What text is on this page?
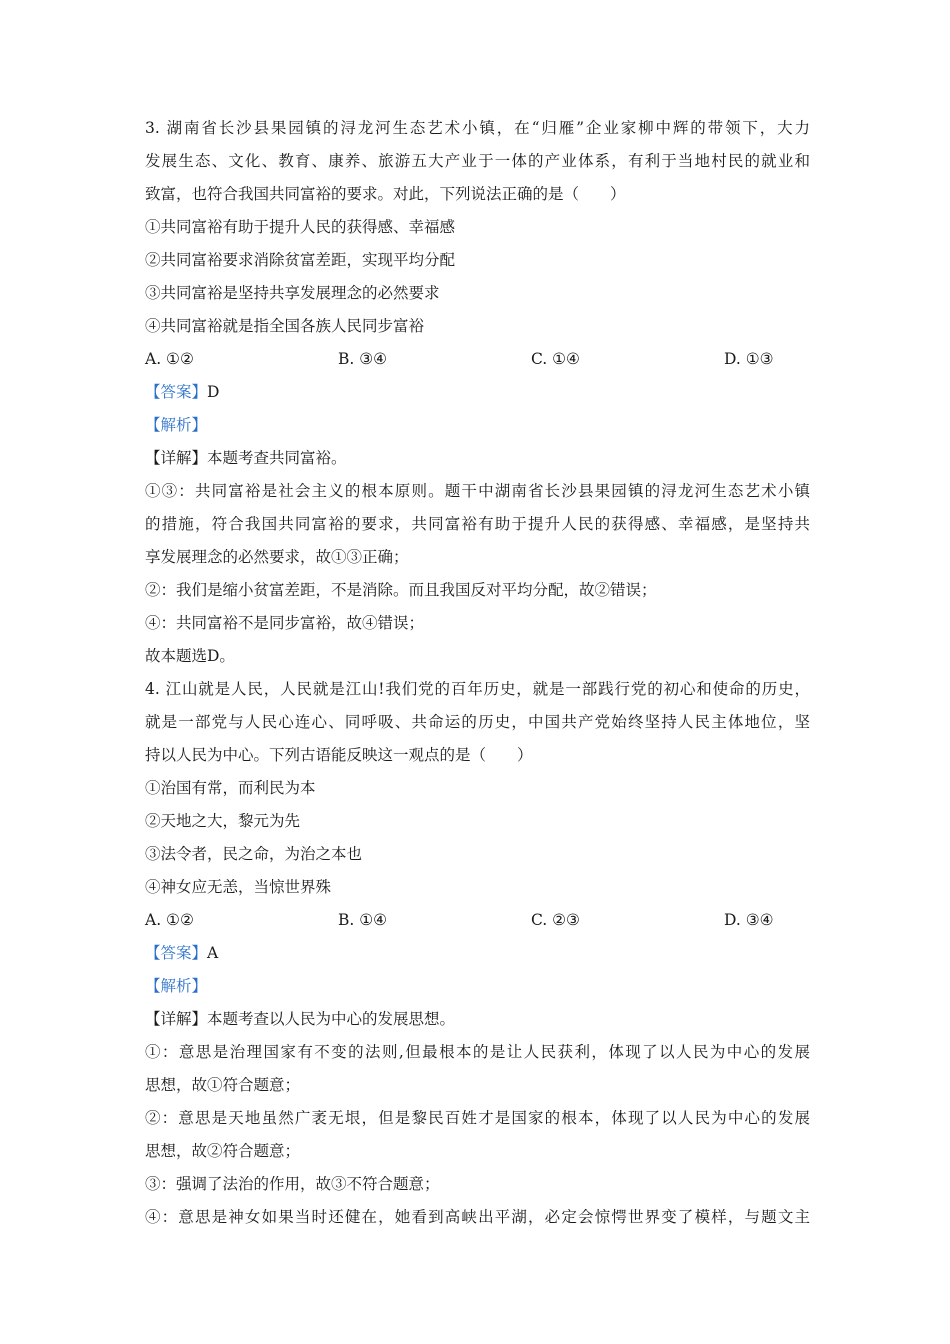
3. 湖南省长沙县果园镇的浔龙河生态艺术小镇，在“归雁”企业家柳中辉的带领下，大力
发展生态、文化、教育、康养、旅游五大产业于一体的产业体系，有利于当地村民的就业和
致富，也符合我国共同富裕的要求。对此，下列说法正确的是（　　）
①共同富裕有助于提升人民的获得感、幸福感
②共同富裕要求消除贫富差距，实现平均分配
③共同富裕是坚持共享发展理念的必然要求
④共同富裕就是指全国各族人民同步富裕
A. ①②	B. ③④	C. ①④	D. ①③
【答案】D
【解析】
【详解】本题考查共同富裕。
①③：共同富裕是社会主义的根本原则。题干中湖南省长沙县果园镇的浔龙河生态艺术小镇
的措施，符合我国共同富裕的要求，共同富裕有助于提升人民的获得感、幸福感，是坚持共
享发展理念的必然要求，故①③正确；
②：我们是缩小贫富差距，不是消除。而且我国反对平均分配，故②错误；
④：共同富裕不是同步富裕，故④错误；
故本题选D。
4. 江山就是人民，人民就是江山!我们党的百年历史，就是一部践行党的初心和使命的历史，
就是一部党与人民心连心、同呼吸、共命运的历史，中国共产党始终坚持人民主体地位，坚
持以人民为中心。下列古语能反映这一观点的是（　　）
①治国有常，而利民为本
②天地之大，黎元为先
③法令者，民之命，为治之本也
④神女应无恙，当惊世界殊
A. ①②	B. ①④	C. ②③	D. ③④
【答案】A
【解析】
【详解】本题考查以人民为中心的发展思想。
①：意思是治理国家有不变的法则,但最根本的是让人民获利，体现了以人民为中心的发展
思想，故①符合题意；
②：意思是天地虽然广袤无垠，但是黎民百姓才是国家的根本，体现了以人民为中心的发展
思想，故②符合题意；
③：强调了法治的作用，故③不符合题意；
④：意思是神女如果当时还健在，她看到高峡出平湖，必定会惊愕世界变了模样，与题文主
